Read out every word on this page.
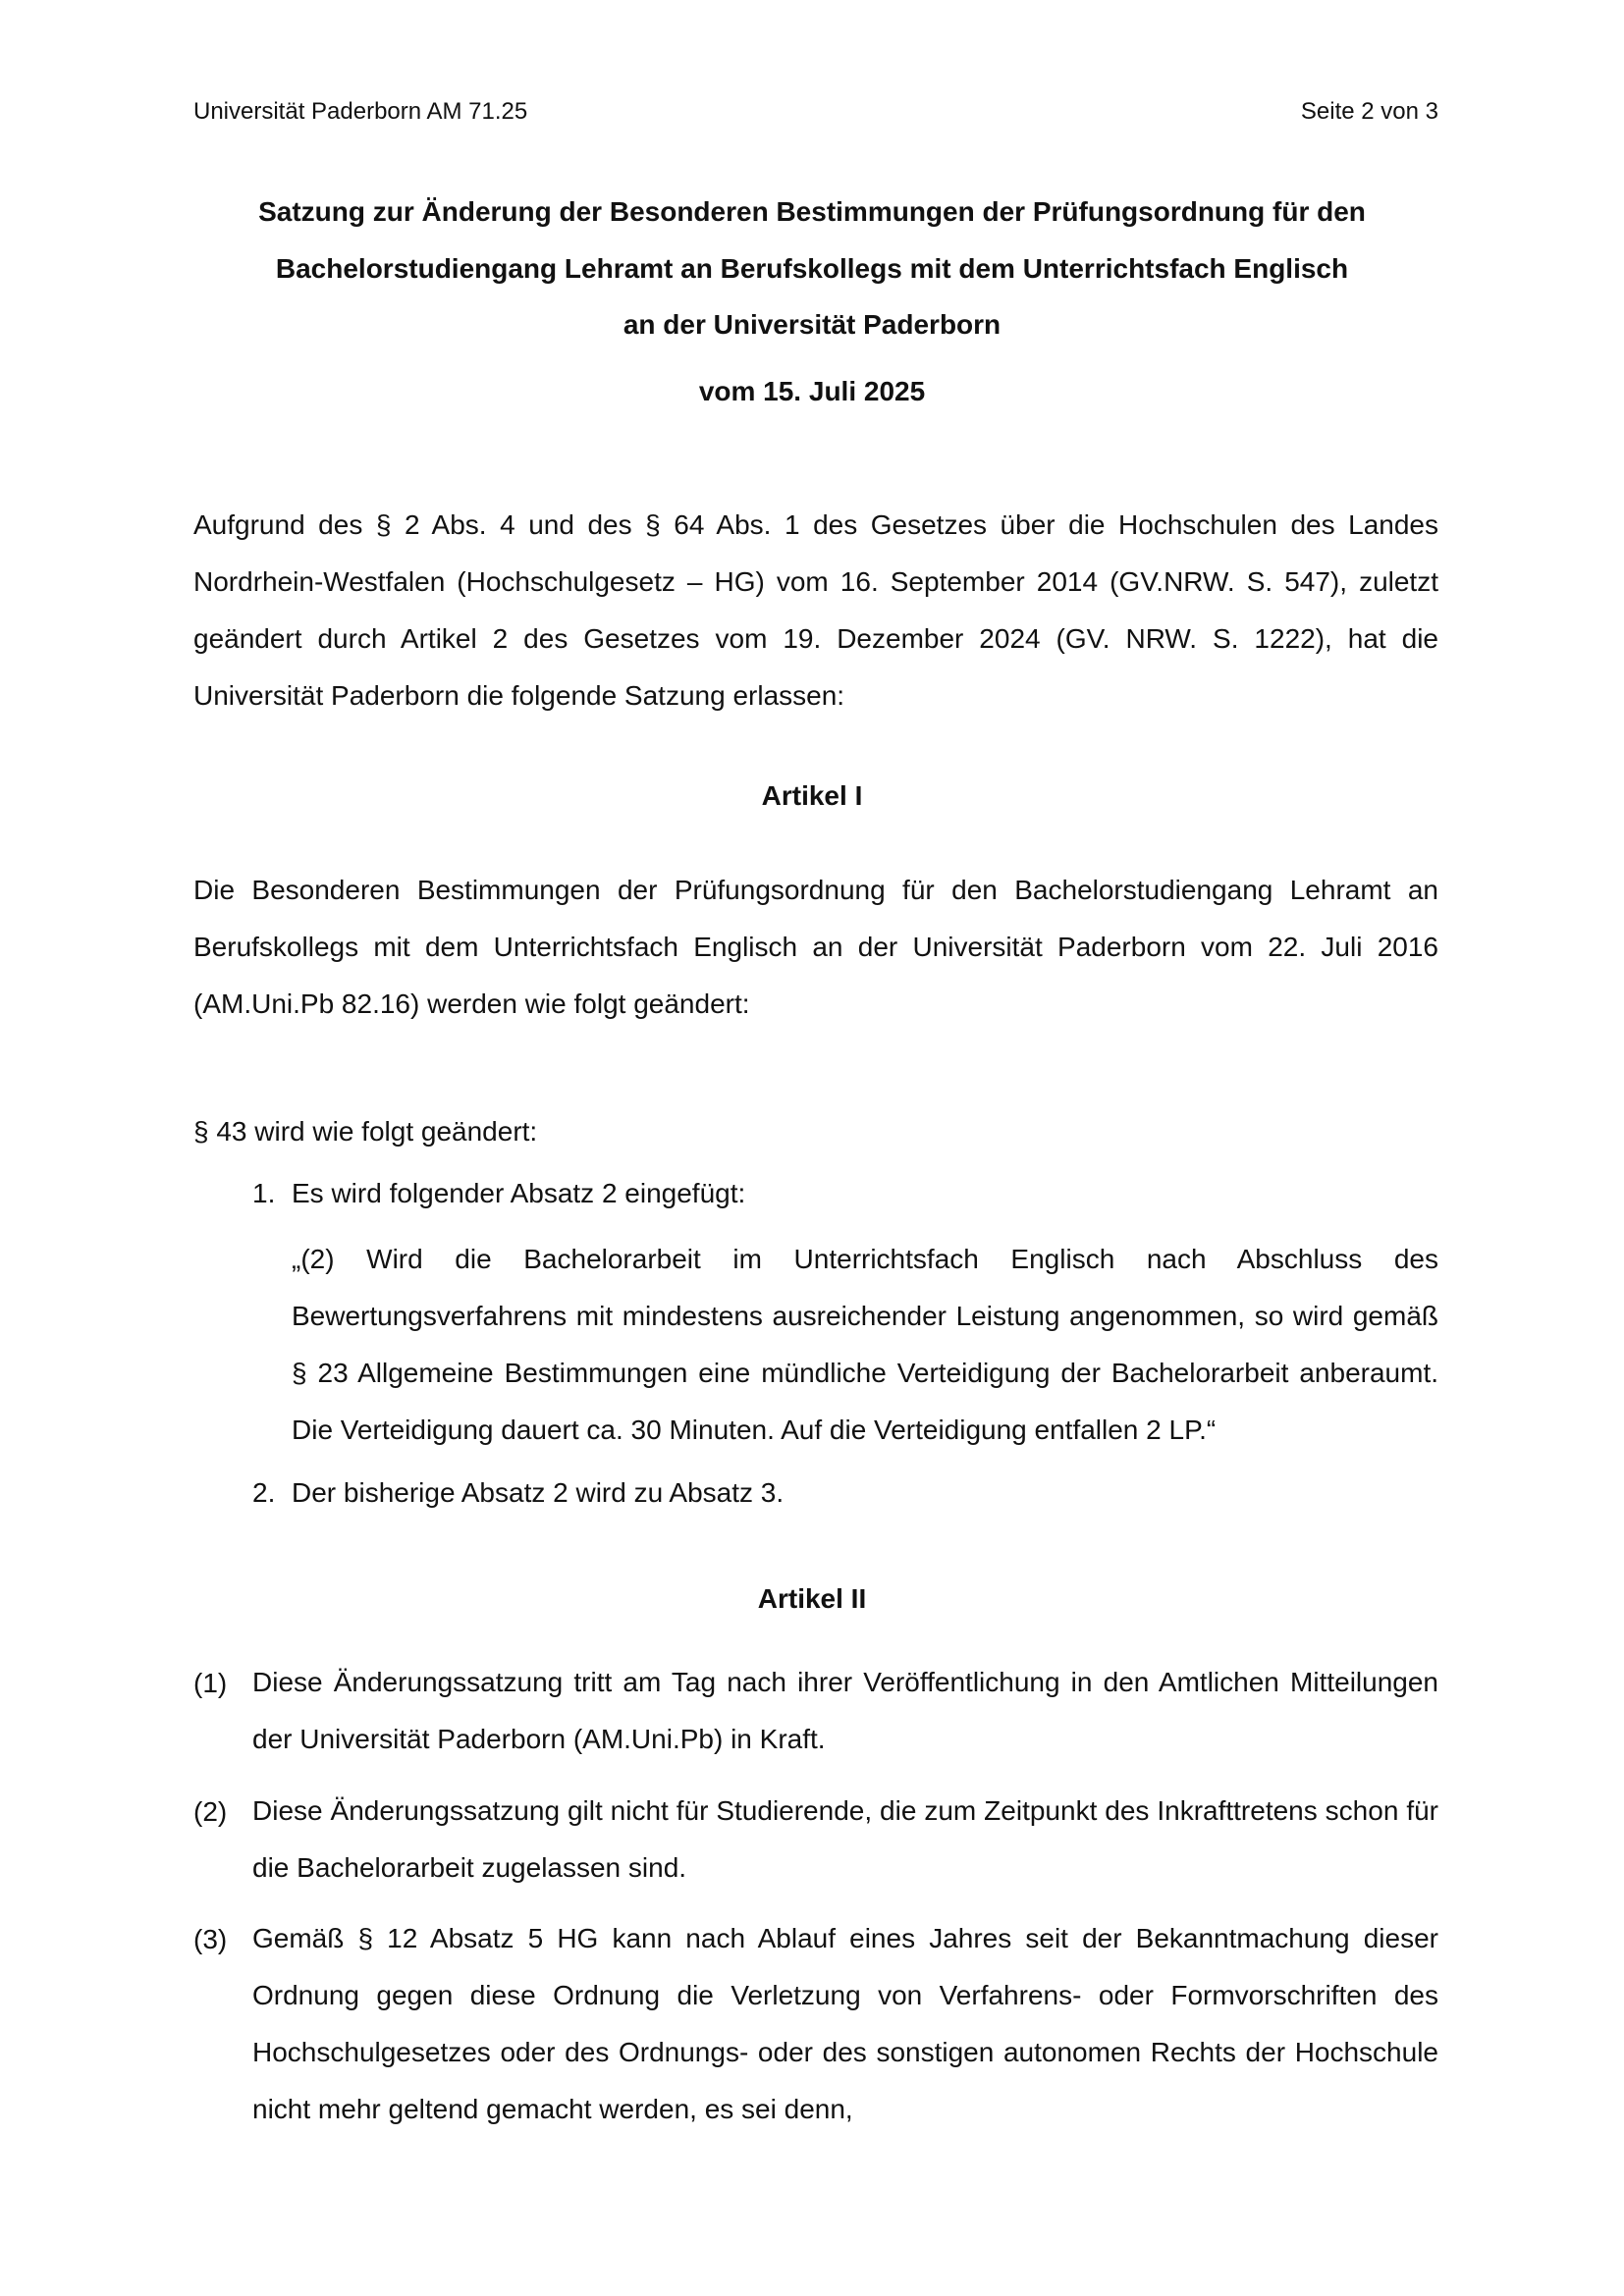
Universität Paderborn AM 71.25	Seite 2 von 3
Satzung zur Änderung der Besonderen Bestimmungen der Prüfungsordnung für den
Bachelorstudiengang Lehramt an Berufskollegs mit dem Unterrichtsfach Englisch
an der Universität Paderborn
vom 15. Juli 2025
Aufgrund des § 2 Abs. 4 und des § 64 Abs. 1 des Gesetzes über die Hochschulen des Landes Nordrhein-Westfalen (Hochschulgesetz – HG) vom 16. September 2014 (GV.NRW. S. 547), zuletzt geändert durch Artikel 2 des Gesetzes vom 19. Dezember 2024 (GV. NRW. S. 1222), hat die Universität Paderborn die folgende Satzung erlassen:
Artikel I
Die Besonderen Bestimmungen der Prüfungsordnung für den Bachelorstudiengang Lehramt an Berufskollegs mit dem Unterrichtsfach Englisch an der Universität Paderborn vom 22. Juli 2016 (AM.Uni.Pb 82.16) werden wie folgt geändert:
§ 43 wird wie folgt geändert:
1. Es wird folgender Absatz 2 eingefügt:
„(2) Wird die Bachelorarbeit im Unterrichtsfach Englisch nach Abschluss des Bewertungsverfahrens mit mindestens ausreichender Leistung angenommen, so wird gemäß § 23 Allgemeine Bestimmungen eine mündliche Verteidigung der Bachelorarbeit anberaumt. Die Verteidigung dauert ca. 30 Minuten. Auf die Verteidigung entfallen 2 LP.“
2. Der bisherige Absatz 2 wird zu Absatz 3.
Artikel II
(1) Diese Änderungssatzung tritt am Tag nach ihrer Veröffentlichung in den Amtlichen Mitteilungen der Universität Paderborn (AM.Uni.Pb) in Kraft.
(2) Diese Änderungssatzung gilt nicht für Studierende, die zum Zeitpunkt des Inkrafttretens schon für die Bachelorarbeit zugelassen sind.
(3) Gemäß § 12 Absatz 5 HG kann nach Ablauf eines Jahres seit der Bekanntmachung dieser Ordnung gegen diese Ordnung die Verletzung von Verfahrens- oder Formvorschriften des Hochschulgesetzes oder des Ordnungs- oder des sonstigen autonomen Rechts der Hochschule nicht mehr geltend gemacht werden, es sei denn,
